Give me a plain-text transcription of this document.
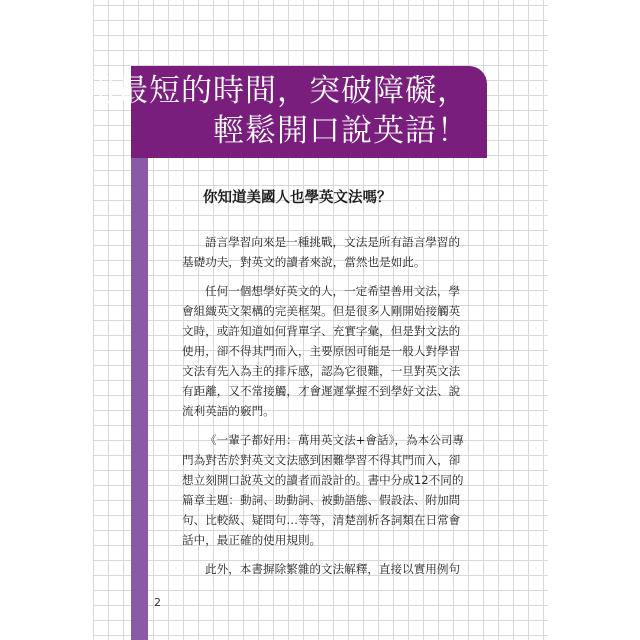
用最短的時間，突破障礙，
輕鬆開口說英語！
你知道美國人也學英文法嗎？

語言學習向來是一種挑戰，文法是所有語言學習的
基礎功夫，對英文的讀者來說，當然也是如此。

任何一個想學好英文的人，一定希望善用文法，學
會組織英文架構的完美框架。但是很多人剛開始接觸英
文時，或許知道如何背單字、充實字彙，但是對文法的
使用，卻不得其門而入，主要原因可能是一般人對學習
文法有先入為主的排斥感，認為它很難，一旦對英文法
有距離，又不常接觸，才會遲遲掌握不到學好文法、說
流利英語的竅門。

《一輩子都好用：萬用英文法+會話》，為本公司專
門為對苦於對英文文法感到困難學習不得其門而入，卻
想立刻開口說英文的讀者而設計的。書中分成12不同的
篇章主題：動詞、助動詞、被動語態、假設法、附加問
句、比較級、疑問句…等等，清楚剖析各詞類在日常會
話中，最正確的使用規則。

此外，本書摒除繁雜的文法解釋，直接以實用例句

2
